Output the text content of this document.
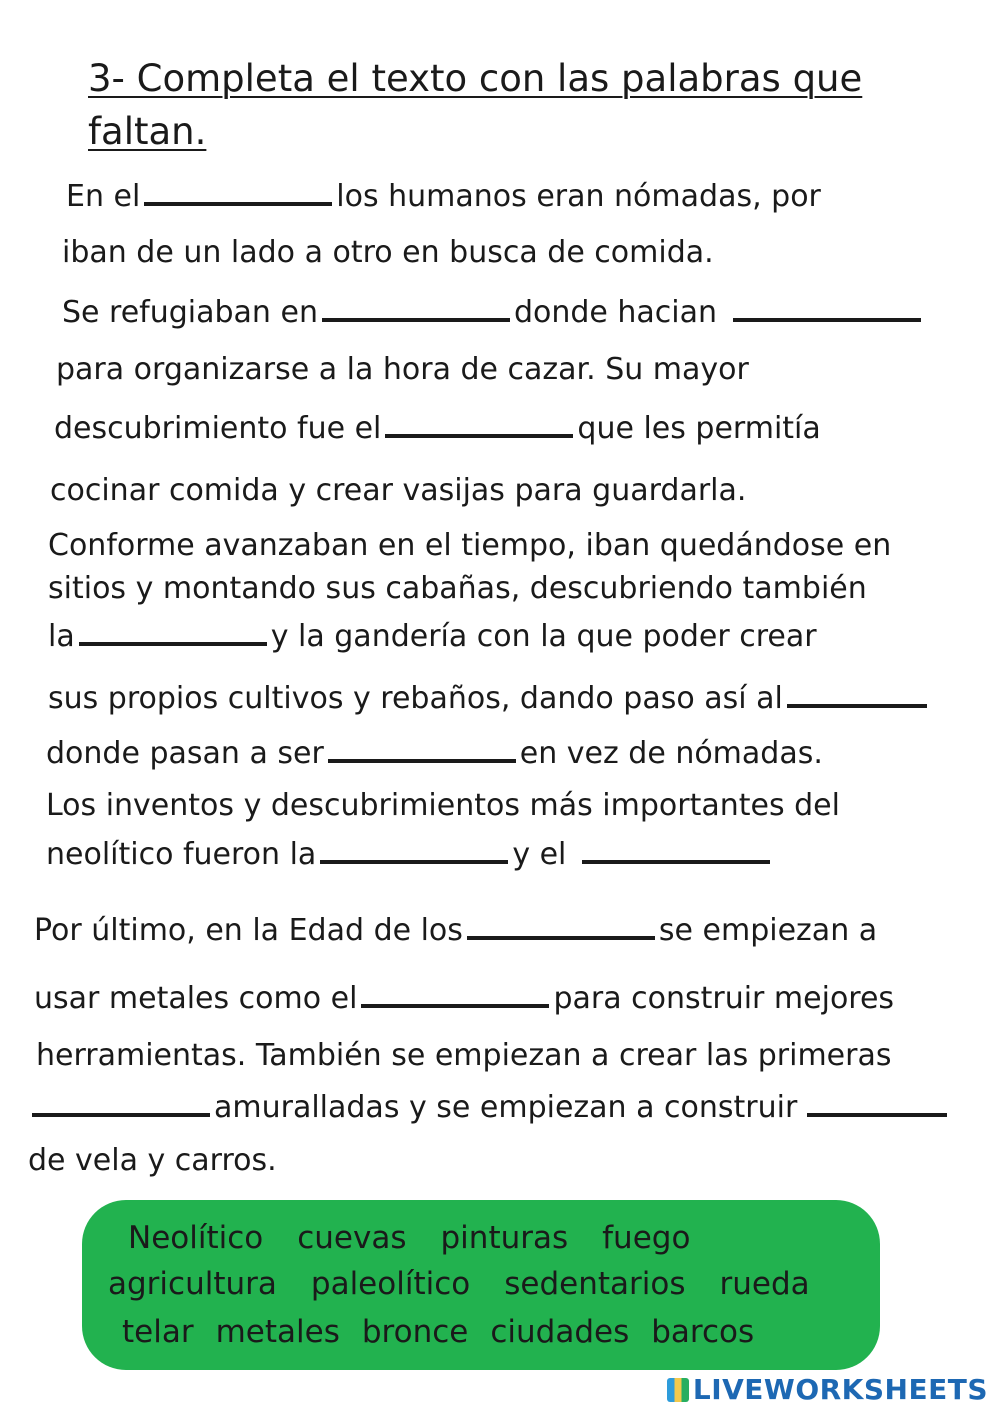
3- Completa el texto con las palabras que faltan.
En el	los humanos eran nómadas, por
iban de un lado a otro en busca de comida.
Se refugiaban en	donde hacian
para organizarse a la hora de cazar. Su mayor
descubrimiento fue el	que les permitía
cocinar comida y crear vasijas para guardarla.
Conforme avanzaban en el tiempo, iban quedándose en
sitios y montando sus cabañas, descubriendo también
la	y la gandería con la que poder crear
sus propios cultivos y rebaños, dando paso así al
donde pasan a ser	en vez de nómadas.
Los inventos y descubrimientos más importantes del
neolítico fueron la	y el
Por último, en la Edad de los	se empiezan a
usar metales como el	para construir mejores
herramientas. También se empiezan a crear las primeras
amuralladas y se empiezan a construir
de vela y carros.
Neolítico cuevas pinturas fuego
agricultura paleolítico sedentarios rueda
telar metales bronce ciudades barcos
LIVEWORKSHEETS
